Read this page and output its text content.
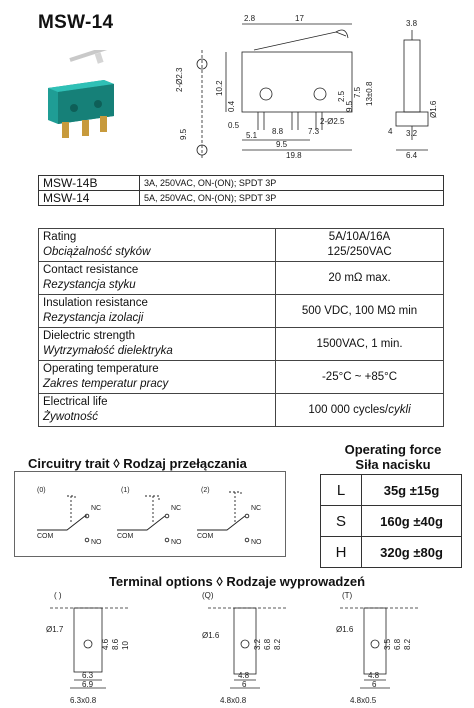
MSW-14	2.8	17
3.8
2-Ø2.3	10.2
0.4
0.5
9.5
7.5 13±0.8
9.5
2.5
4
Ø1.6
5.1 8.8	7.3
9.5
19.8
2-Ø2.5
3.2
6.4
MSW-14B	3A, 250VAC, ON-(ON); SPDT 3P
MSW-14	5A, 250VAC, ON-(ON); SPDT 3P
Rating
Obciążalność styków	5A/10A/16A
125/250VAC
Contact resistance
Rezystancja styku	20 mΩ max.
Insulation resistance
Rezystancja izolacji	500 VDC, 100 MΩ min
Dielectric strength
Wytrzymałość dielektryka	1500VAC, 1 min.
Operating temperature
Zakres temperatur pracy	-25°C ~ +85°C
Electrical life
Żywotność	100 000 cycles/cykli
Circuitry trait ◊ Rodzaj przełączania
(0)
COM
NC
NO
(1)
COM
NC
NO
(2)
COM
NC
NO
Operating force
Siła nacisku
L	35g ±15g
S	160g ±40g
H	320g ±80g
Terminal options ◊ Rodzaje wyprowadzeń
( )
Ø1.7
4.6 8.6 10
6.3
6.9
6.3x0.8
(Q)
Ø1.6
3.2 6.8 8.2
4.8
6
4.8x0.8
(T)
Ø1.6
3.5 6.8 8.2
4.8
6
4.8x0.5
